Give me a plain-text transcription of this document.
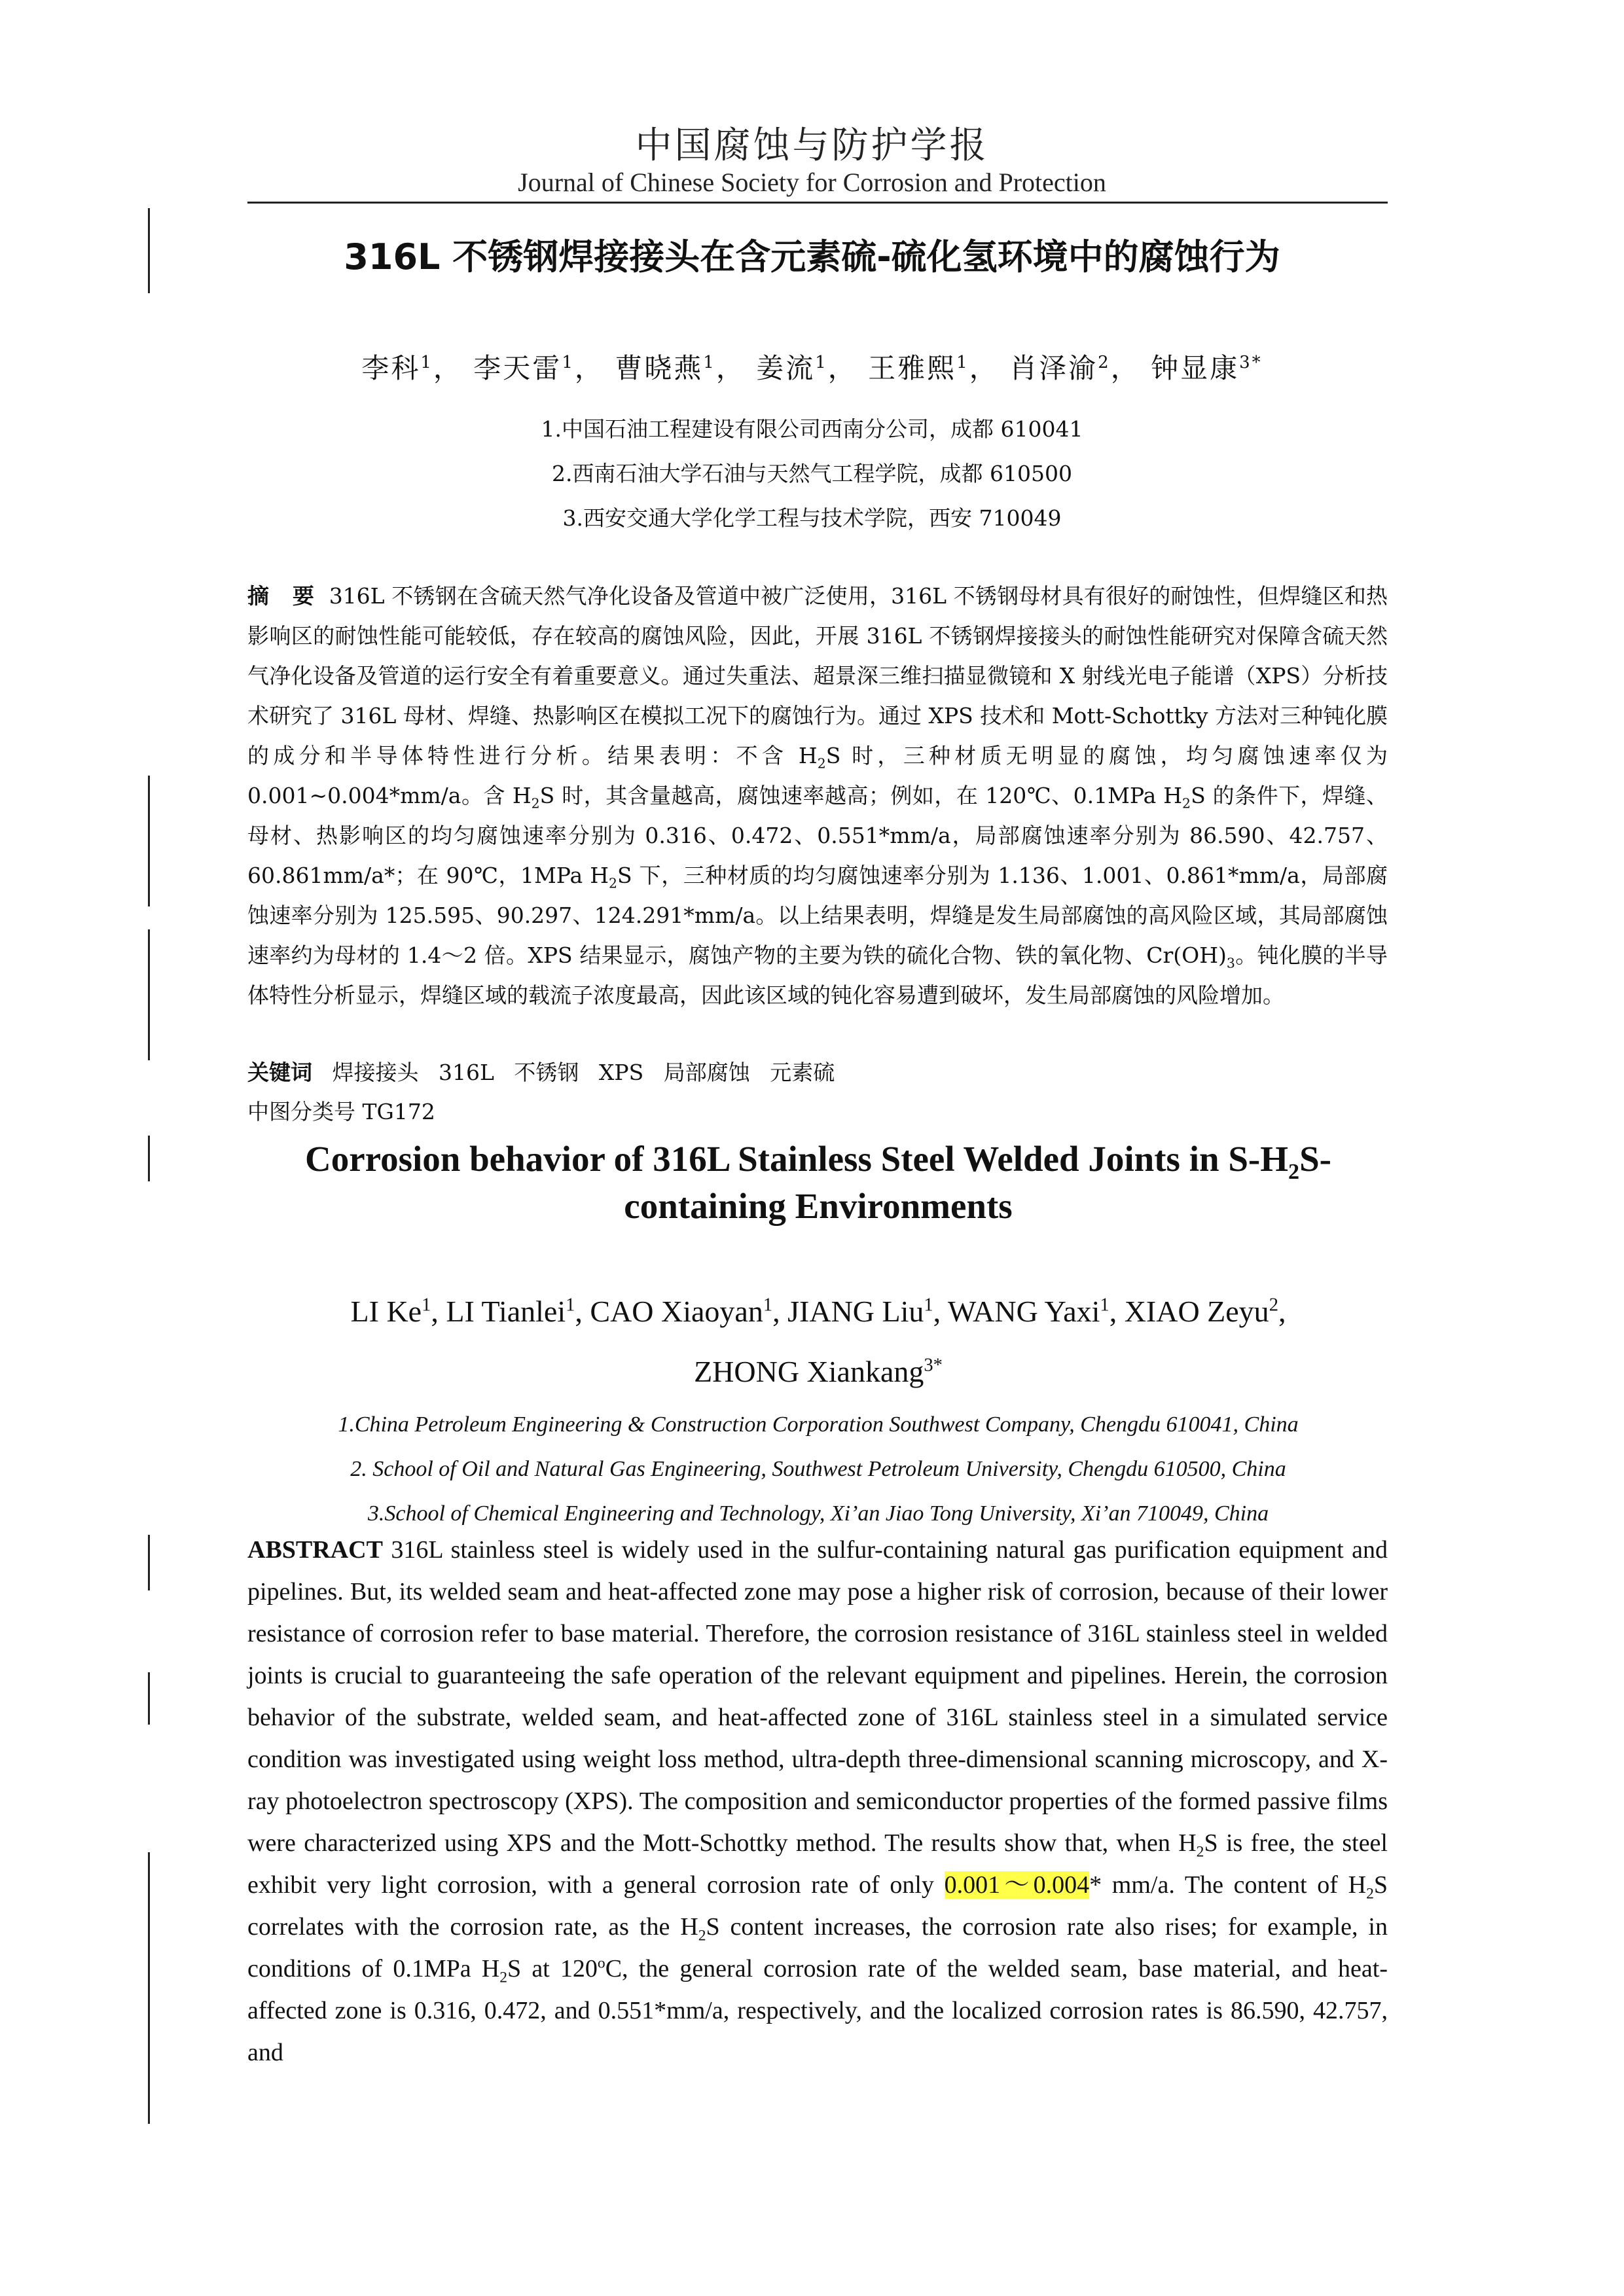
中国腐蚀与防护学报
Journal of Chinese Society for Corrosion and Protection
316L 不锈钢焊接接头在含元素硫-硫化氢环境中的腐蚀行为
李科$^1$， 李天雷$^1$， 曹晓燕$^1$， 姜流$^1$， 王雅熙$^1$， 肖泽渝$^2$， 钟显康$^{3*}$
1.中国石油工程建设有限公司西南分公司，成都 610041
2.西南石油大学石油与天然气工程学院，成都 610500
3.西安交通大学化学工程与技术学院，西安 710049
摘 要 316L 不锈钢在含硫天然气净化设备及管道中被广泛使用，316L 不锈钢母材具有很好的耐蚀性，但焊缝区和热影响区的耐蚀性能可能较低，存在较高的腐蚀风险，因此，开展 316L 不锈钢焊接接头的耐蚀性能研究对保障含硫天然气净化设备及管道的运行安全有着重要意义。通过失重法、超景深三维扫描显微镜和 X 射线光电子能谱（XPS）分析技术研究了 316L 母材、焊缝、热影响区在模拟工况下的腐蚀行为。通过 XPS 技术和 Mott-Schottky 方法对三种钝化膜的成分和半导体特性进行分析。结果表明：不含 $H_2S$ 时，三种材质无明显的腐蚀，均匀腐蚀速率仅为 0.001~0.004*mm/a。含 $H_2S$ 时，其含量越高，腐蚀速率越高；例如，在 120℃、0.1MPa $H_2S$ 的条件下，焊缝、母材、热影响区的均匀腐蚀速率分别为 0.316、0.472、0.551*mm/a，局部腐蚀速率分别为 86.590、42.757、60.861mm/a*；在 90℃，1MPa $H_2S$ 下，三种材质的均匀腐蚀速率分别为 1.136、1.001、0.861*mm/a，局部腐蚀速率分别为 125.595、90.297、124.291*mm/a。以上结果表明，焊缝是发生局部腐蚀的高风险区域，其局部腐蚀速率约为母材的 1.4～2 倍。XPS 结果显示，腐蚀产物的主要为铁的硫化合物、铁的氧化物、$Cr(OH)_3$。钝化膜的半导体特性分析显示，焊缝区域的载流子浓度最高，因此该区域的钝化容易遭到破坏，发生局部腐蚀的风险增加。
关键词 焊接接头 316L 不锈钢 XPS 局部腐蚀 元素硫
中图分类号 TG172
Corrosion behavior of 316L Stainless Steel Welded Joints in $S-H_2S-$
containing Environments
LI Ke$^1$, LI Tianlei$^1$, CAO Xiaoyan$^1$, JIANG Liu$^1$, WANG Yaxi$^1$, XIAO Zeyu$^2$,
ZHONG Xiankang$^{3*}$
1.China Petroleum Engineering & Construction Corporation Southwest Company, Chengdu 610041, China
2. School of Oil and Natural Gas Engineering, Southwest Petroleum University, Chengdu 610500, China
3.School of Chemical Engineering and Technology, Xi’an Jiao Tong University, Xi’an 710049, China
ABSTRACT 316L stainless steel is widely used in the sulfur-containing natural gas purification equipment and pipelines. But, its welded seam and heat-affected zone may pose a higher risk of corrosion, because of their lower resistance of corrosion refer to base material. Therefore, the corrosion resistance of 316L stainless steel in welded joints is crucial to guaranteeing the safe operation of the relevant equipment and pipelines. Herein, the corrosion behavior of the substrate, welded seam, and heat-affected zone of 316L stainless steel in a simulated service condition was investigated using weight loss method, ultra-depth three-dimensional scanning microscopy, and X-ray photoelectron spectroscopy (XPS). The composition and semiconductor properties of the formed passive films were characterized using XPS and the Mott-Schottky method. The results show that, when $H_2S$ is free, the steel exhibit very light corrosion, with a general corrosion rate of only 0.001～0.004* mm/a. The content of $H_2S$ correlates with the corrosion rate, as the $H_2S$ content increases, the corrosion rate also rises; for example, in conditions of 0.1MPa $H_2S$ at 120$^o$C, the general corrosion rate of the welded seam, base material, and heat-affected zone is 0.316, 0.472, and 0.551*mm/a, respectively, and the localized corrosion rates is 86.590, 42.757, and
